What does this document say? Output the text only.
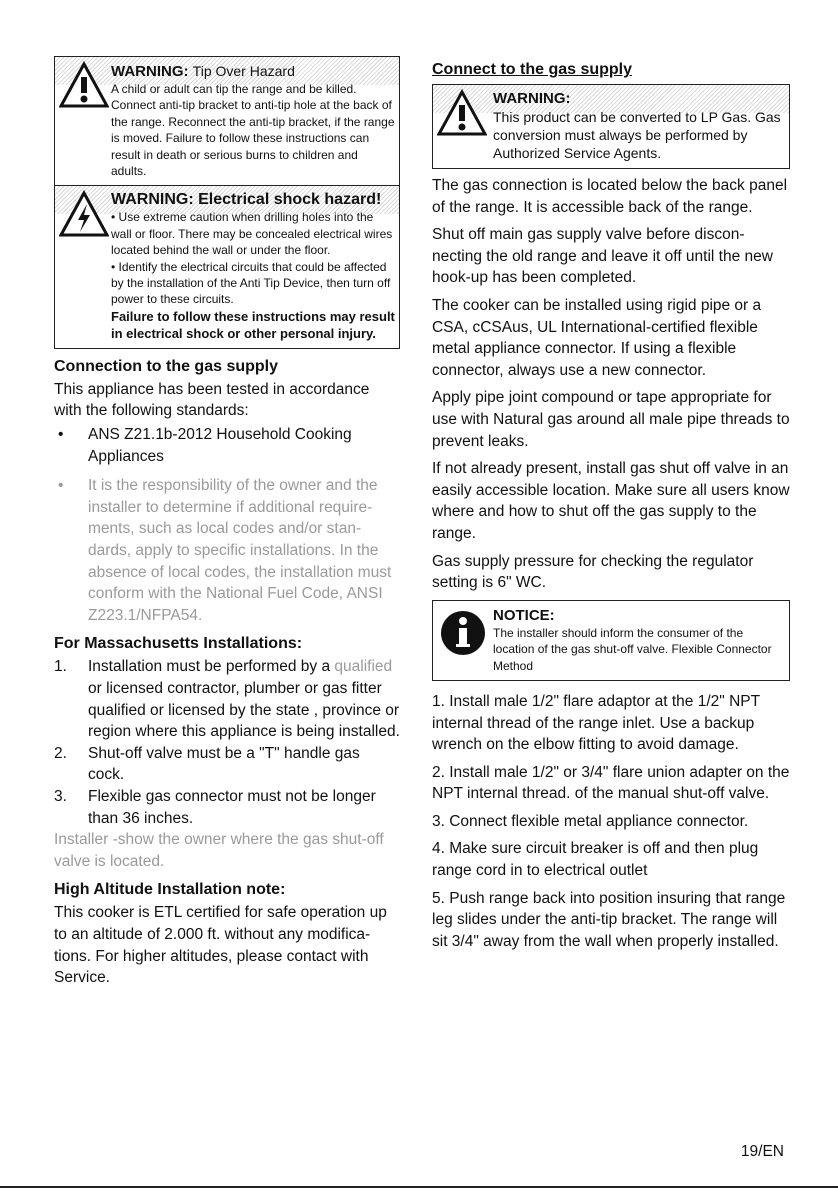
WARNING: Tip Over Hazard

A child or adult can tip the range and be killed.

Connect anti-tip bracket to anti-tip hole at the back of the range. Reconnect the anti-tip bracket, if the range is moved. Failure to follow these instructions can result in death or serious burns to children and adults.

WARNING: Electrical shock hazard!

• Use extreme caution when drilling holes into the wall or floor. There may be concealed electrical wires located behind the wall or under the floor.

• Identify the electrical circuits that could be affected by the installation of the Anti Tip Device, then turn off power to these circuits.

Failure to follow these instructions may result in electrical shock or other personal injury.

Connection to the gas supply

This appliance has been tested in accordance with the following standards:

• ANS Z21.1b-2012 Household Cooking Appliances
• It is the responsibility of the owner and the installer to determine if additional require-ments, such as local codes and/or stan-dards, apply to specific installations. In the absence of local codes, the installation must conform with the National Fuel Code, ANSI Z223.1/NFPA54.
For Massachusetts Installations:
1. Installation must be performed by a qualified or licensed contractor, plumber or gas fitter qualified or licensed by the state , province or region where this appliance is being installed.
2. Shut-off valve must be a "T" handle gas cock.
3. Flexible gas connector must not be longer than 36 inches.

Installer -show the owner where the gas shut-off valve is located.

High Altitude Installation note:

This cooker is ETL certified for safe operation up to an altitude of 2.000 ft. without any modifica-tions. For higher altitudes, please contact with Service.

Connect to the gas supply
WARNING:

This product can be converted to LP Gas. Gas conversion must always be performed by Authorized Service Agents.

The gas connection is located below the back panel of the range. It is accessible back of the range.

Shut off main gas supply valve before discon-necting the old range and leave it off until the new hook-up has been completed.

The cooker can be installed using rigid pipe or a CSA, cCSAus, UL International-certified flexible metal appliance connector. If using a flexible connector, always use a new connector.

Apply pipe joint compound or tape appropriate for use with Natural gas around all male pipe threads to prevent leaks.

If not already present, install gas shut off valve in an easily accessible location. Make sure all users know where and how to shut off the gas supply to the range.

Gas supply pressure for checking the regulator setting is 6" WC.

NOTICE:
The installer should inform the consumer of the location of the gas shut-off valve. Flexible Connector Method

1. Install male 1/2" flare adaptor at the 1/2" NPT internal thread of the range inlet. Use a backup wrench on the elbow fitting to avoid damage.

2. Install male 1/2" or 3/4" flare union adapter on the NPT internal thread. of the manual shut-off valve.

3. Connect flexible metal appliance connector.

4. Make sure circuit breaker is off and then plug range cord in to electrical outlet

5. Push range back into position insuring that range leg slides under the anti-tip bracket. The range will sit 3/4" away from the wall when properly installed.

19/EN
